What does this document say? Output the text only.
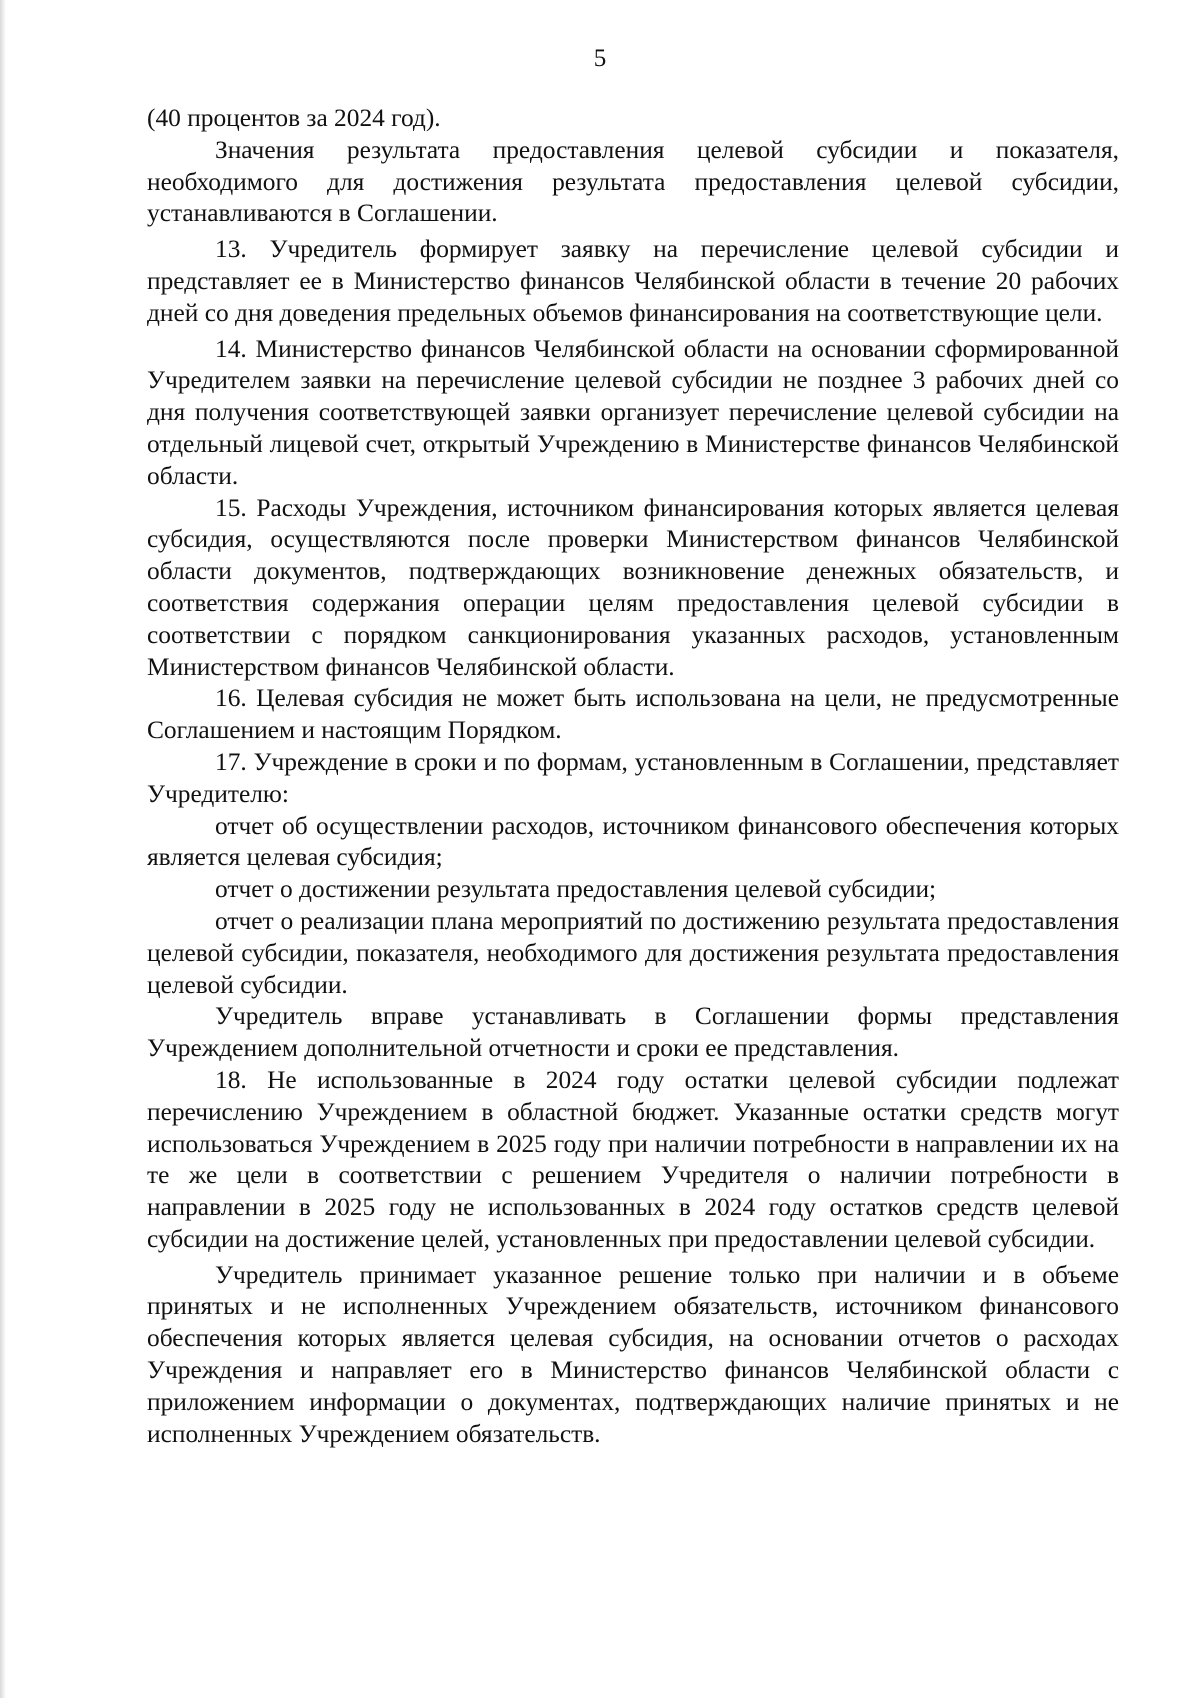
5

(40 процентов за 2024 год).

Значения результата предоставления целевой субсидии и показателя, необходимого для достижения результата предоставления целевой субсидии, устанавливаются в Соглашении.

13. Учредитель формирует заявку на перечисление целевой субсидии и представляет ее в Министерство финансов Челябинской области в течение 20 рабочих дней со дня доведения предельных объемов финансирования на соответствующие цели.

14. Министерство финансов Челябинской области на основании сформированной Учредителем заявки на перечисление целевой субсидии не позднее 3 рабочих дней со дня получения соответствующей заявки организует перечисление целевой субсидии на отдельный лицевой счет, открытый Учреждению в Министерстве финансов Челябинской области.

15. Расходы Учреждения, источником финансирования которых является целевая субсидия, осуществляются после проверки Министерством финансов Челябинской области документов, подтверждающих возникновение денежных обязательств, и соответствия содержания операции целям предоставления целевой субсидии в соответствии с порядком санкционирования указанных расходов, установленным Министерством финансов Челябинской области.

16. Целевая субсидия не может быть использована на цели, не предусмотренные Соглашением и настоящим Порядком.

17. Учреждение в сроки и по формам, установленным в Соглашении, представляет Учредителю:

отчет об осуществлении расходов, источником финансового обеспечения которых является целевая субсидия;

отчет о достижении результата предоставления целевой субсидии;

отчет о реализации плана мероприятий по достижению результата предоставления целевой субсидии, показателя, необходимого для достижения результата предоставления целевой субсидии.

Учредитель вправе устанавливать в Соглашении формы представления Учреждением дополнительной отчетности и сроки ее представления.

18. Не использованные в 2024 году остатки целевой субсидии подлежат перечислению Учреждением в областной бюджет. Указанные остатки средств могут использоваться Учреждением в 2025 году при наличии потребности в направлении их на те же цели в соответствии с решением Учредителя о наличии потребности в направлении в 2025 году не использованных в 2024 году остатков средств целевой субсидии на достижение целей, установленных при предоставлении целевой субсидии.

Учредитель принимает указанное решение только при наличии и в объеме принятых и не исполненных Учреждением обязательств, источником финансового обеспечения которых является целевая субсидия, на основании отчетов о расходах Учреждения и направляет его в Министерство финансов Челябинской области с приложением информации о документах, подтверждающих наличие принятых и не исполненных Учреждением обязательств.
